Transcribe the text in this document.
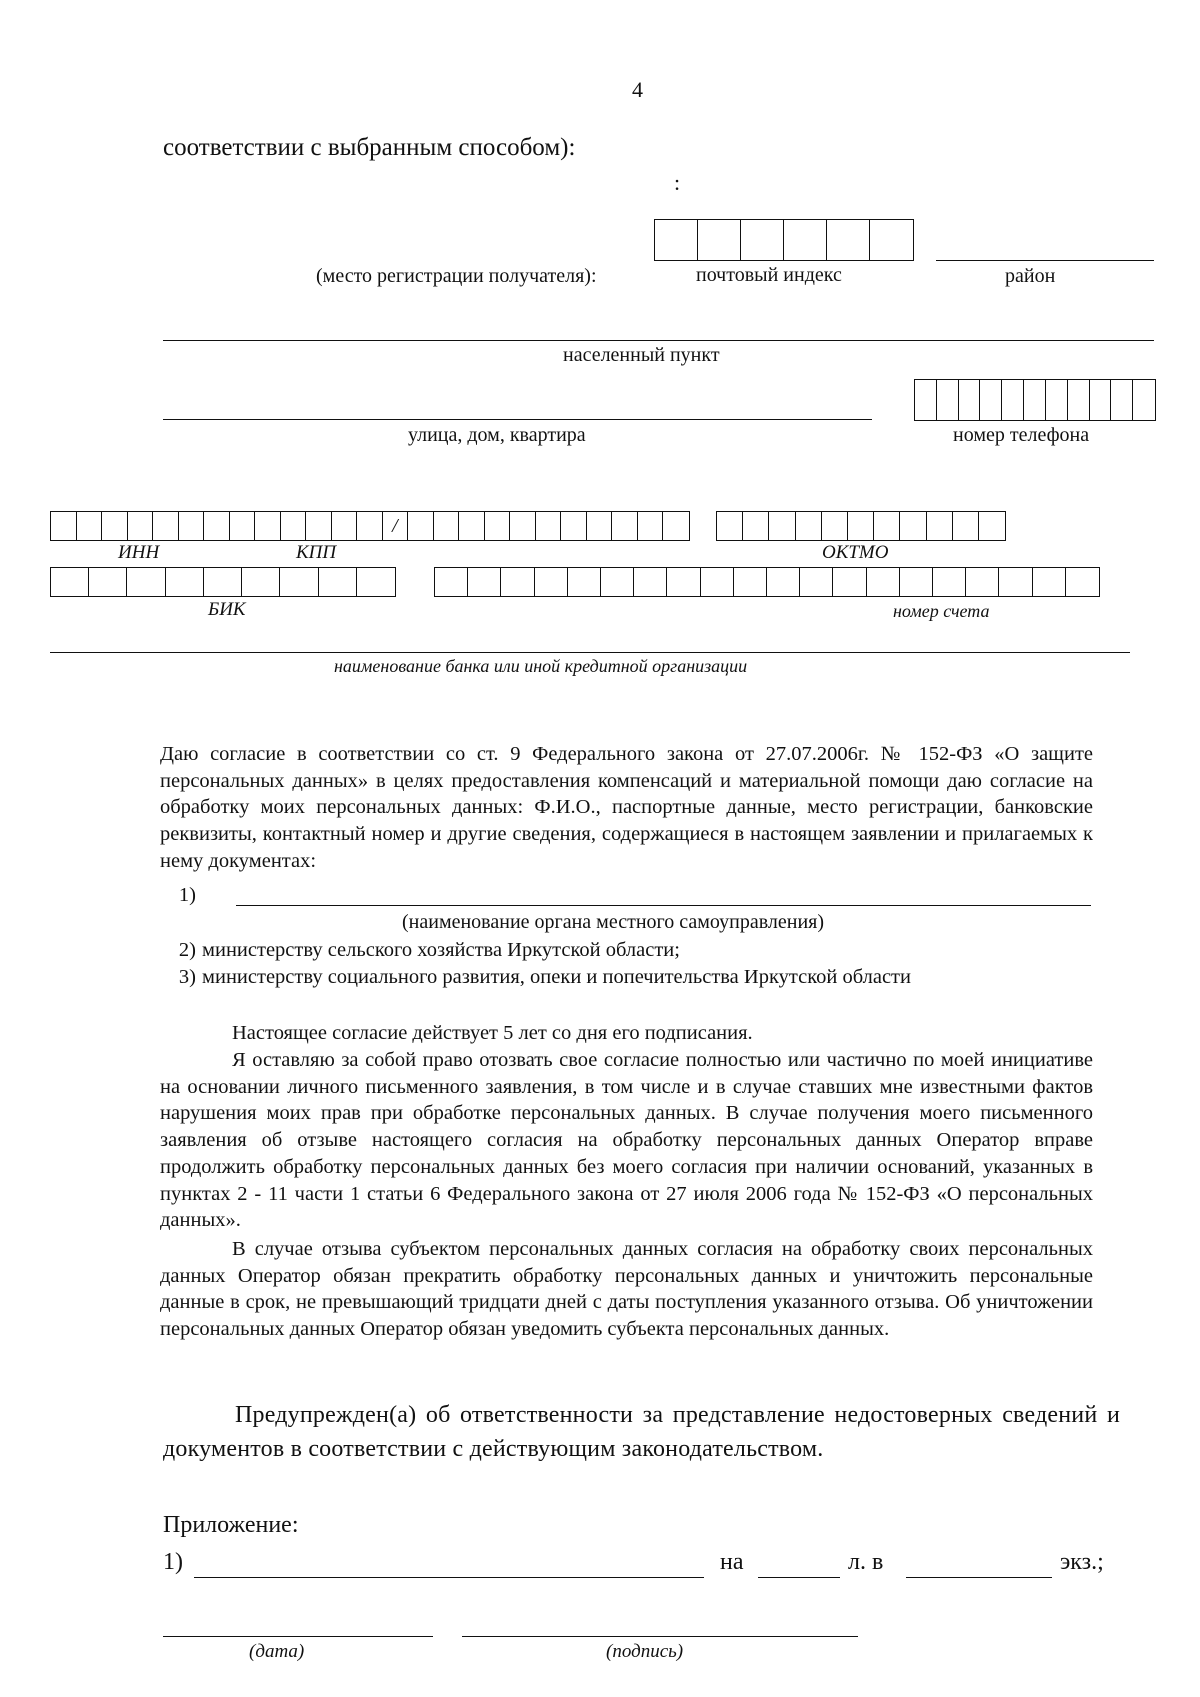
4
соответствии с выбранным способом):
:
(место регистрации получателя):	почтовый индекс	район
населенный пункт
улица, дом, квартира	номер телефона
/
ИНН	КПП	ОКТМО
БИК	номер счета
наименование банка или иной кредитной организации
Даю согласие в соответствии со ст. 9 Федерального закона от 27.07.2006г. № 152-ФЗ «О защите персональных данных» в целях предоставления компенсаций и материальной помощи даю согласие на обработку моих персональных данных: Ф.И.О., паспортные данные, место регистрации, банковские реквизиты, контактный номер и другие сведения, содержащиеся в настоящем заявлении и прилагаемых к нему документах:
1)
(наименование органа местного самоуправления)
2) министерству сельского хозяйства Иркутской области;
3) министерству социального развития, опеки и попечительства Иркутской области
Настоящее согласие действует 5 лет со дня его подписания.
Я оставляю за собой право отозвать свое согласие полностью или частично по моей инициативе на основании личного письменного заявления, в том числе и в случае ставших мне известными фактов нарушения моих прав при обработке персональных данных. В случае получения моего письменного заявления об отзыве настоящего согласия на обработку персональных данных Оператор вправе продолжить обработку персональных данных без моего согласия при наличии оснований, указанных в пунктах 2 - 11 части 1 статьи 6 Федерального закона от 27 июля 2006 года № 152-ФЗ «О персональных данных».
В случае отзыва субъектом персональных данных согласия на обработку своих персональных данных Оператор обязан прекратить обработку персональных данных и уничтожить персональные данные в срок, не превышающий тридцати дней с даты поступления указанного отзыва. Об уничтожении персональных данных Оператор обязан уведомить субъекта персональных данных.
Предупрежден(а) об ответственности за представление недостоверных сведений и документов в соответствии с действующим законодательством.
Приложение:
1)	на	л. в	экз.;
(дата)	(подпись)
